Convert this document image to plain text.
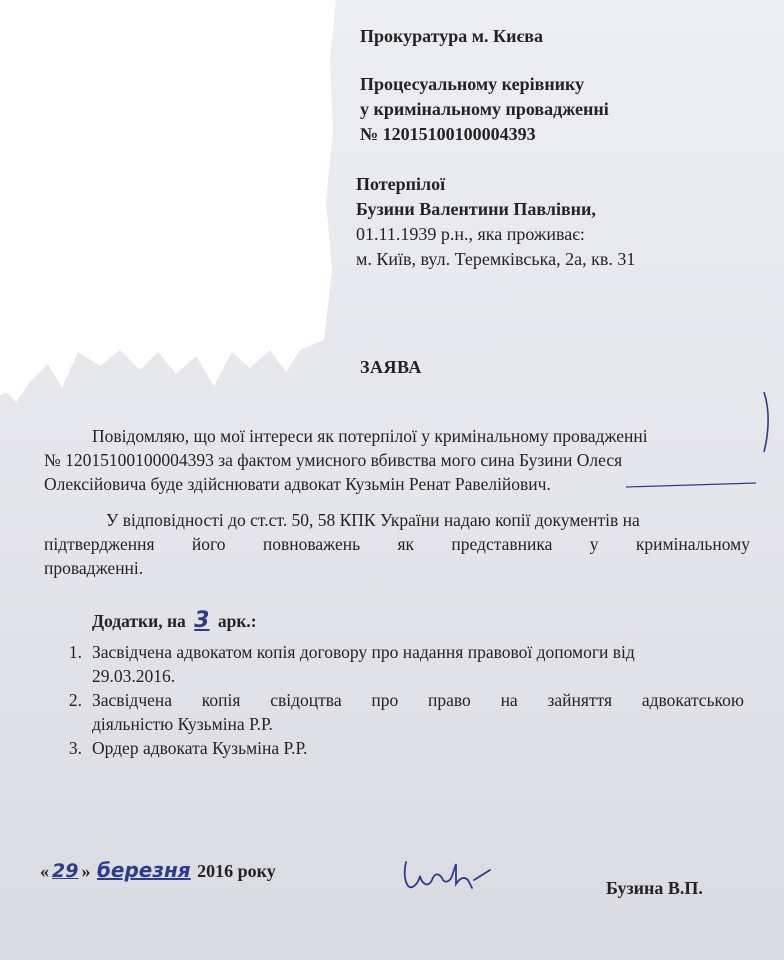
Прокуратура м. Києва
Процесуальному керівнику
у кримінальному провадженні
№ 12015100100004393
Потерпілої
Бузини Валентини Павлівни,
01.11.1939 р.н., яка проживає:
м. Київ, вул. Теремківська, 2а, кв. 31
ЗАЯВА
Повідомляю, що мої інтереси як потерпілої у кримінальному провадженні
№ 12015100100004393 за фактом умисного вбивства мого сина Бузини Олеся
Олексійовича буде здійснювати адвокат Кузьмін Ренат Равелійович.
У відповідності до ст.ст. 50, 58 КПК України надаю копії документів на
підтвердження його повноважень як представника у кримінальному
провадженні.
Додатки, на 3 арк.:
1. Засвідчена адвокатом копія договору про надання правової допомоги від
29.03.2016.
2. Засвідчена копія свідоцтва про право на зайняття адвокатською
діяльністю Кузьміна Р.Р.
3. Ордер адвоката Кузьміна Р.Р.
« 29 » березня 2016 року
Бузина В.П.
